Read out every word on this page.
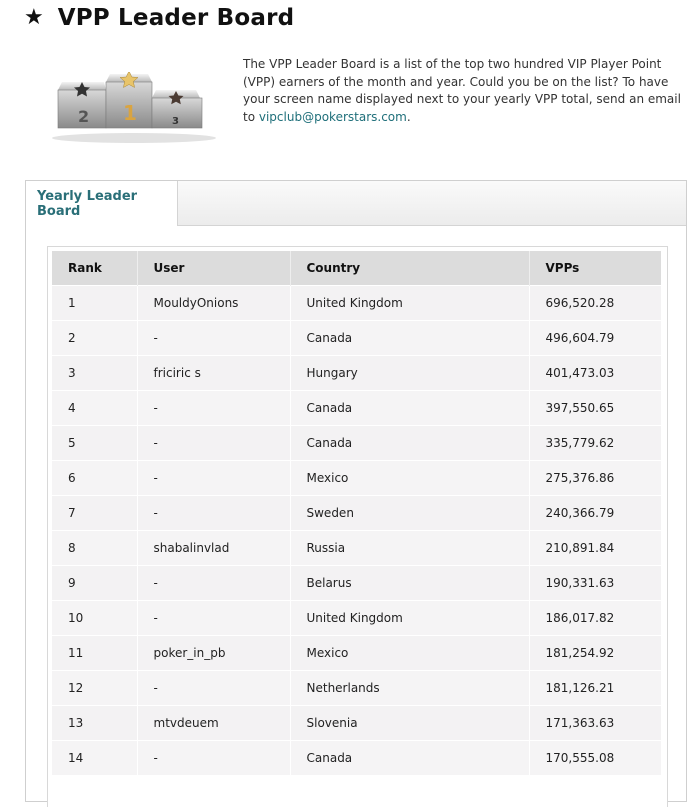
★ VPP Leader Board
2 1	3
The VPP Leader Board is a list of the top two hundred VIP Player Point (VPP) earners of the month and year. Could you be on the list? To have your screen name displayed next to your yearly VPP total, send an email to vipclub@pokerstars.com.
Yearly Leader Board
Rank	User	Country	VPPs
1	MouldyOnions	United Kingdom	696,520.28
2	-	Canada	496,604.79
3	friciric s	Hungary	401,473.03
4	-	Canada	397,550.65
5	-	Canada	335,779.62
6	-	Mexico	275,376.86
7	-	Sweden	240,366.79
8	shabalinvlad	Russia	210,891.84
9	-	Belarus	190,331.63
10	-	United Kingdom	186,017.82
11	poker_in_pb	Mexico	181,254.92
12	-	Netherlands	181,126.21
13	mtvdeuem	Slovenia	171,363.63
14	-	Canada	170,555.08
